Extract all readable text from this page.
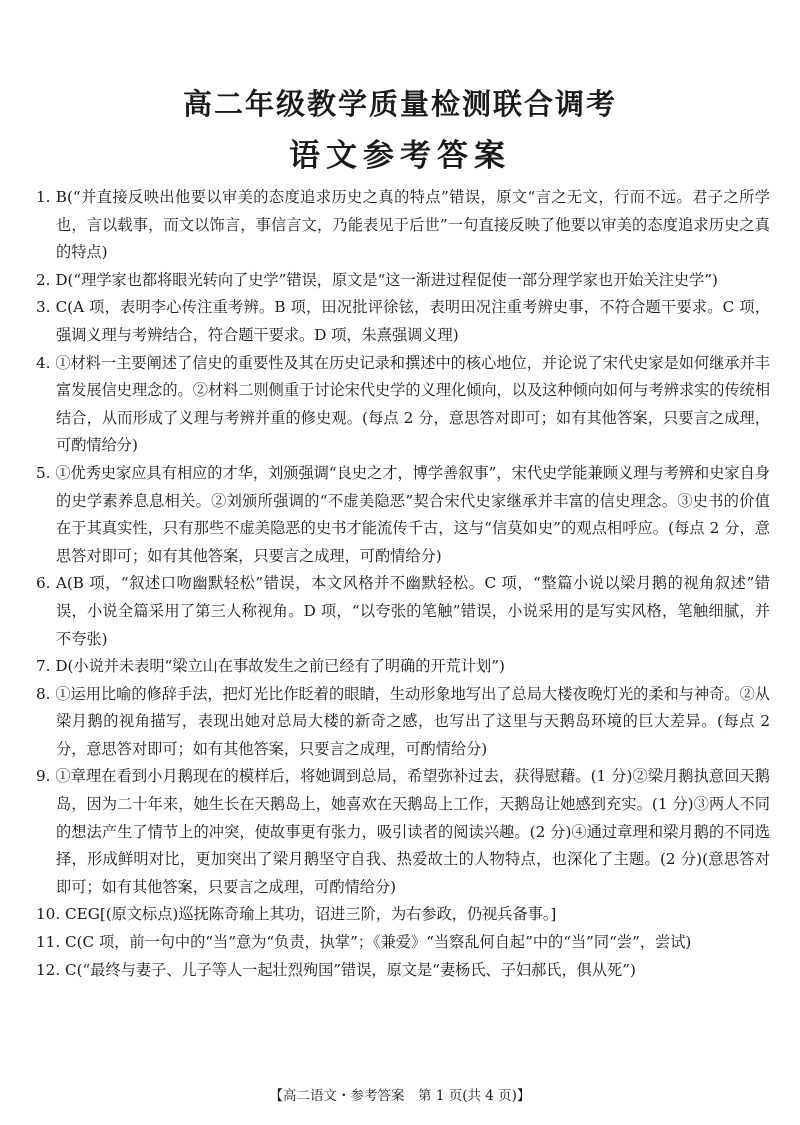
高二年级教学质量检测联合调考
语文参考答案

1. B(“并直接反映出他要以审美的态度追求历史之真的特点”错误，原文“言之无文，行而不远。君子之所学也，言以载事，而文以饰言，事信言文，乃能表见于后世”一句直接反映了他要以审美的态度追求历史之真的特点)

2. D(“理学家也都将眼光转向了史学”错误，原文是“这一渐进过程促使一部分理学家也开始关注史学”)

3. C(A 项，表明李心传注重考辨。B 项，田况批评徐铉，表明田况注重考辨史事，不符合题干要求。C 项，强调义理与考辨结合，符合题干要求。D 项，朱熹强调义理)

4. ①材料一主要阐述了信史的重要性及其在历史记录和撰述中的核心地位，并论说了宋代史家是如何继承并丰富发展信史理念的。②材料二则侧重于讨论宋代史学的义理化倾向，以及这种倾向如何与考辨求实的传统相结合，从而形成了义理与考辨并重的修史观。(每点 2 分，意思答对即可；如有其他答案，只要言之成理，可酌情给分)

5. ①优秀史家应具有相应的才华，刘颁强调“良史之才，博学善叙事”，宋代史学能兼顾义理与考辨和史家自身的史学素养息息相关。②刘颁所强调的“不虚美隐恶”契合宋代史家继承并丰富的信史理念。③史书的价值在于其真实性，只有那些不虚美隐恶的史书才能流传千古，这与“信莫如史”的观点相呼应。(每点 2 分，意思答对即可；如有其他答案，只要言之成理，可酌情给分)

6. A(B 项，“叙述口吻幽默轻松”错误，本文风格并不幽默轻松。C 项，“整篇小说以梁月鹅的视角叙述”错误，小说全篇采用了第三人称视角。D 项，“以夸张的笔触”错误，小说采用的是写实风格，笔触细腻，并不夸张)

7. D(小说并未表明“梁立山在事故发生之前已经有了明确的开荒计划”)

8. ①运用比喻的修辞手法，把灯光比作眨着的眼睛，生动形象地写出了总局大楼夜晚灯光的柔和与神奇。②从梁月鹅的视角描写，表现出她对总局大楼的新奇之感，也写出了这里与天鹅岛环境的巨大差异。(每点 2 分，意思答对即可；如有其他答案，只要言之成理，可酌情给分)

9. ①章理在看到小月鹅现在的模样后，将她调到总局，希望弥补过去，获得慰藉。(1 分)②梁月鹅执意回天鹅岛，因为二十年来，她生长在天鹅岛上，她喜欢在天鹅岛上工作，天鹅岛让她感到充实。(1 分)③两人不同的想法产生了情节上的冲突，使故事更有张力，吸引读者的阅读兴趣。(2 分)④通过章理和梁月鹅的不同选择，形成鲜明对比，更加突出了梁月鹅坚守自我、热爱故土的人物特点，也深化了主题。(2 分)(意思答对即可；如有其他答案，只要言之成理，可酌情给分)

10. CEG[(原文标点)巡抚陈奇瑜上其功，诏进三阶，为右参政，仍视兵备事。]

11. C(C 项，前一句中的“当”意为“负责，执掌”；《兼爱》“当察乱何自起”中的“当”同“尝”，尝试)

12. C(“最终与妻子、儿子等人一起壮烈殉国”错误，原文是“妻杨氏、子妇郝氏，俱从死”)

【高二语文・参考答案　第 1 页(共 4 页)】
